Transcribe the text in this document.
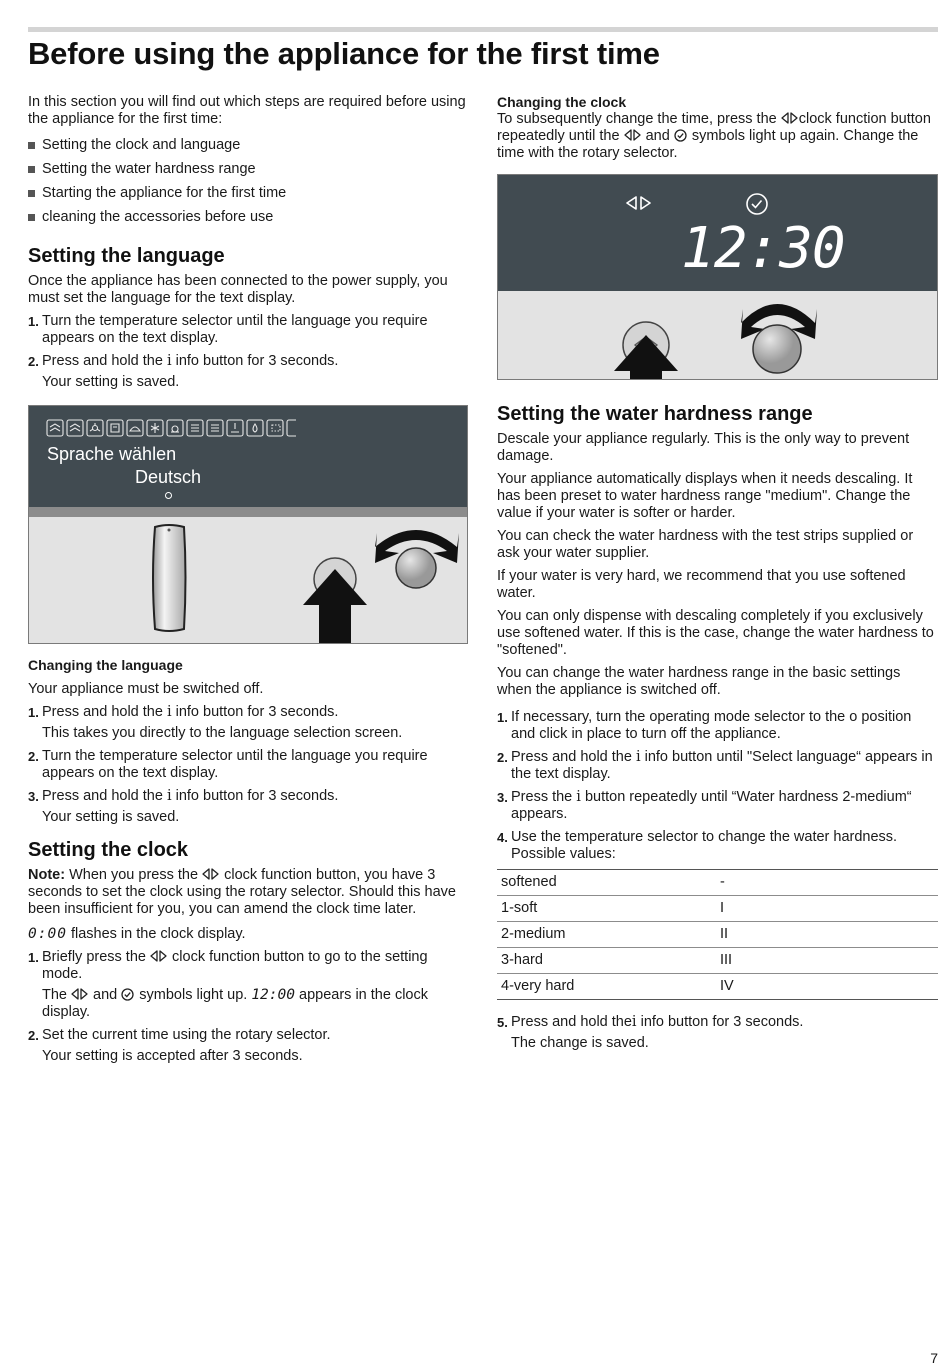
Before using the appliance for the first time

In this section you will find out which steps are required before using the appliance for the first time:

Setting the clock and language
Setting the water hardness range
Starting the appliance for the first time
cleaning the accessories before use
Setting the language

Once the appliance has been connected to the power supply, you must set the language for the text display.

1. Turn the temperature selector until the language you require appears on the text display.
2. Press and hold the i info button for 3 seconds.
Your setting is saved.
Sprache wählen
Deutsch
Changing the language

Your appliance must be switched off.

1. Press and hold the i info button for 3 seconds.
This takes you directly to the language selection screen.
2. Turn the temperature selector until the language you require appears on the text display.
3. Press and hold the i info button for 3 seconds.
Your setting is saved.
Setting the clock

Note: When you press the  clock function button, you have 3 seconds to set the clock using the rotary selector. Should this have been insufficient for you, you can amend the clock time later.

0:00 flashes in the clock display.

1. Briefly press the  clock function button to go to the setting mode.
The  and  symbols light up. 12:00 appears in the clock display.
2. Set the current time using the rotary selector.
Your setting is accepted after 3 seconds.
Changing the clock

To subsequently change the time, press the clock function button repeatedly until the  and  symbols light up again. Change the time with the rotary selector.

12:30
Setting the water hardness range

Descale your appliance regularly. This is the only way to prevent damage.

Your appliance automatically displays when it needs descaling. It has been preset to water hardness range "medium". Change the value if your water is softer or harder.

You can check the water hardness with the test strips supplied or ask your water supplier.

If your water is very hard, we recommend that you use softened water.

You can only dispense with descaling completely if you exclusively use softened water. If this is the case, change the water hardness to "softened".

You can change the water hardness range in the basic settings when the appliance is switched off.

1. If necessary, turn the operating mode selector to the o position and click in place to turn off the appliance.
2. Press and hold the i info button until "Select language“ appears in the text display.
3. Press the i button repeatedly until “Water hardness 2-medium“ appears.
4. Use the temperature selector to change the water hardness. Possible values:
softened	-
1-soft	I
2-medium	II
3-hard	III
4-very hard	IV
5. Press and hold thei info button for 3 seconds.
The change is saved.
7
